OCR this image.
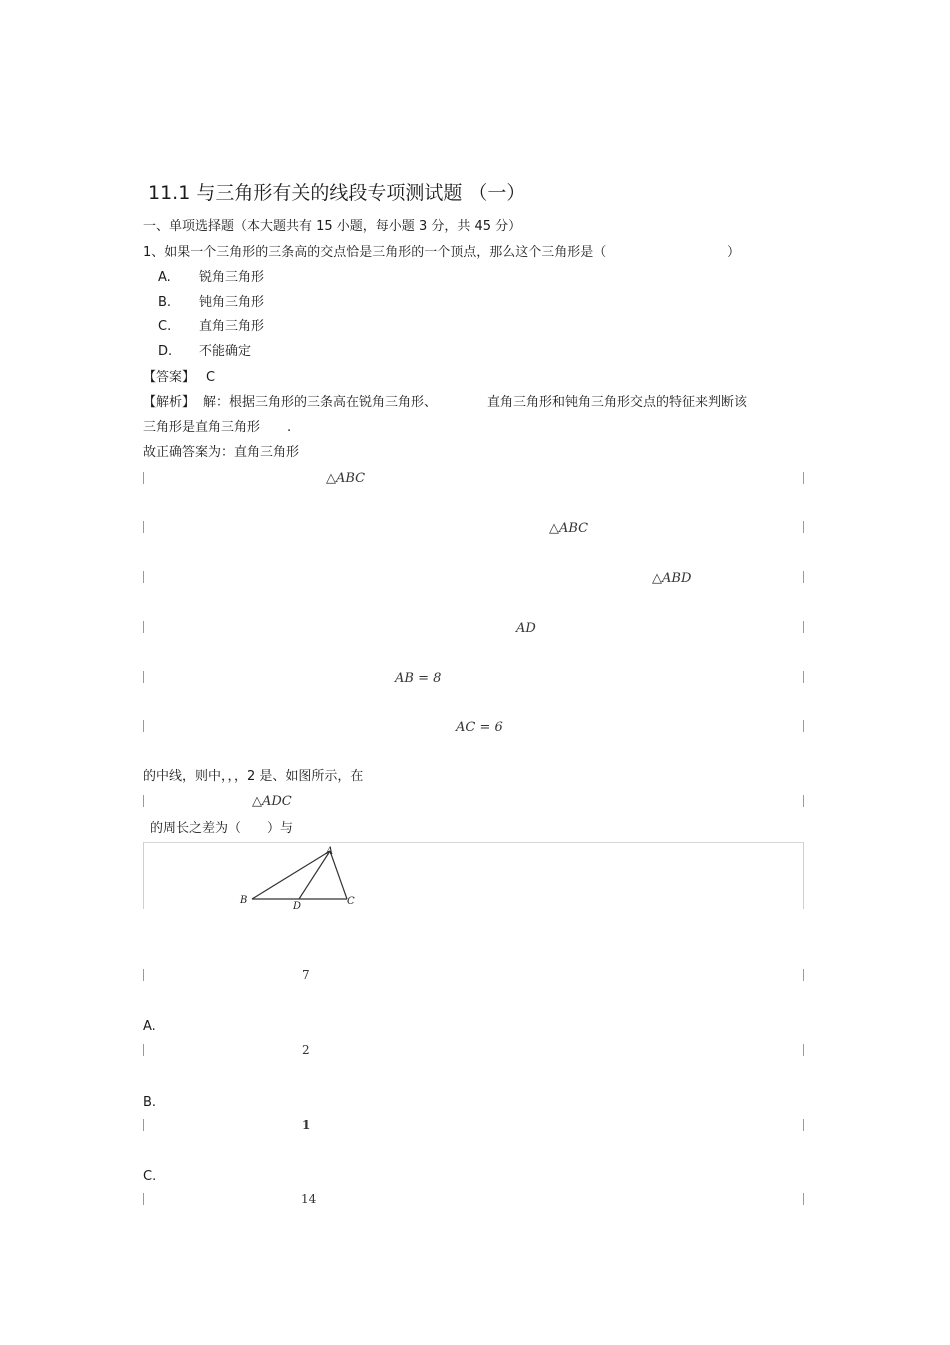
11.1 与三角形有关的线段专项测试题 （一）
一、单项选择题（本大题共有 15 小题，每小题 3 分，共 45 分）
1、如果一个三角形的三条高的交点恰是三角形的一个顶点，那么这个三角形是（	）
A. 锐角三角形
B. 钝角三角形
C. 直角三角形
D. 不能确定
【答案】 C
【解析】 解：根据三角形的三条高在锐角三角形、	直角三角形和钝角三角形交点的特征来判断该
三角形是直角三角形 .
故正确答案为：直角三角形
△ABC
△ABC
△ABD
AD
AB = 8
AC = 6
的中线，则中，，，2 是、如图所示，在
△ADC
的周长之差为（　　）与
A
B	C
D
7
A.
2
B.
1
C.
14
